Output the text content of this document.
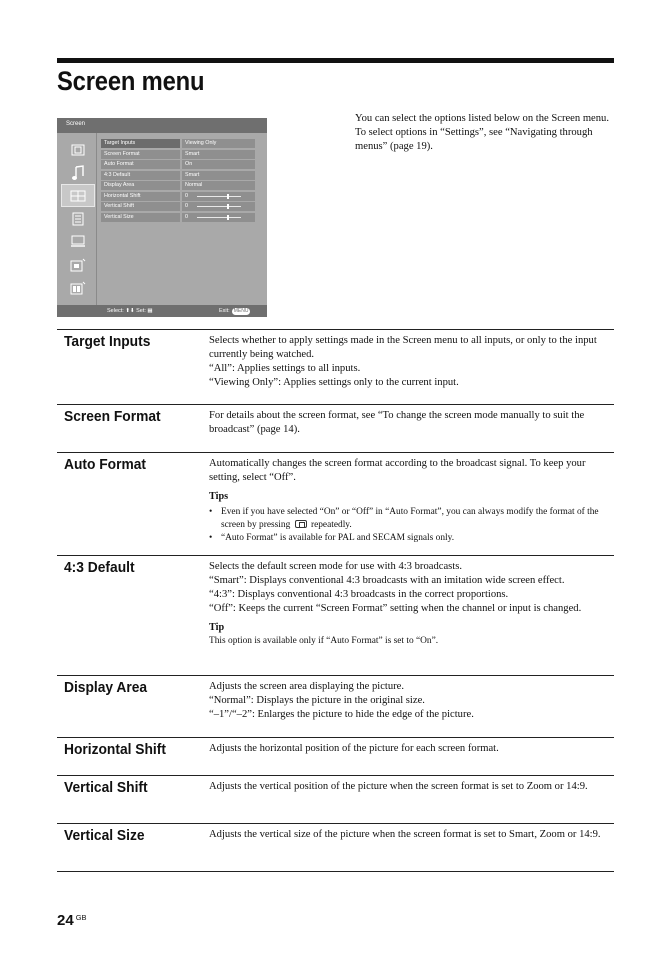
Screen menu
You can select the options listed below on the Screen menu. To select options in “Settings”, see “Navigating through menus” (page 19).
Screen
Target Inputs	Viewing Only
Screen Format	Smart
Auto Format	On
4:3 Default	Smart
Display Area	Normal
Horizontal Shift	0
Vertical Shift	0
Vertical Size	0
Select: ⬆⬇ Set: ▦	Exit: MENU
Target Inputs	Selects whether to apply settings made in the Screen menu to all inputs, or only to the input currently being watched.

“All”: Applies settings to all inputs.

“Viewing Only”: Applies settings only to the current input.

Screen Format	For details about the screen format, see “To change the screen mode manually to suit the broadcast” (page 14).

Auto Format	Automatically changes the screen format according to the broadcast signal. To keep your setting, select “Off”.

Tips

• Even if you have selected “On” or “Off” in “Auto Format”, you can always modify the format of the screen by pressing repeatedly.
• “Auto Format” is available for PAL and SECAM signals only.
4:3 Default	Selects the default screen mode for use with 4:3 broadcasts.

“Smart”: Displays conventional 4:3 broadcasts with an imitation wide screen effect.

“4:3”: Displays conventional 4:3 broadcasts in the correct proportions.

“Off”: Keeps the current “Screen Format” setting when the channel or input is changed.

Tip

This option is available only if “Auto Format” is set to “On”.

Display Area	Adjusts the screen area displaying the picture.

“Normal”: Displays the picture in the original size.

“–1”/“–2”: Enlarges the picture to hide the edge of the picture.

Horizontal Shift	Adjusts the horizontal position of the picture for each screen format.

Vertical Shift	Adjusts the vertical position of the picture when the screen format is set to Zoom or 14:9.

Vertical Size	Adjusts the vertical size of the picture when the screen format is set to Smart, Zoom or 14:9.

24 $^{GB}$
